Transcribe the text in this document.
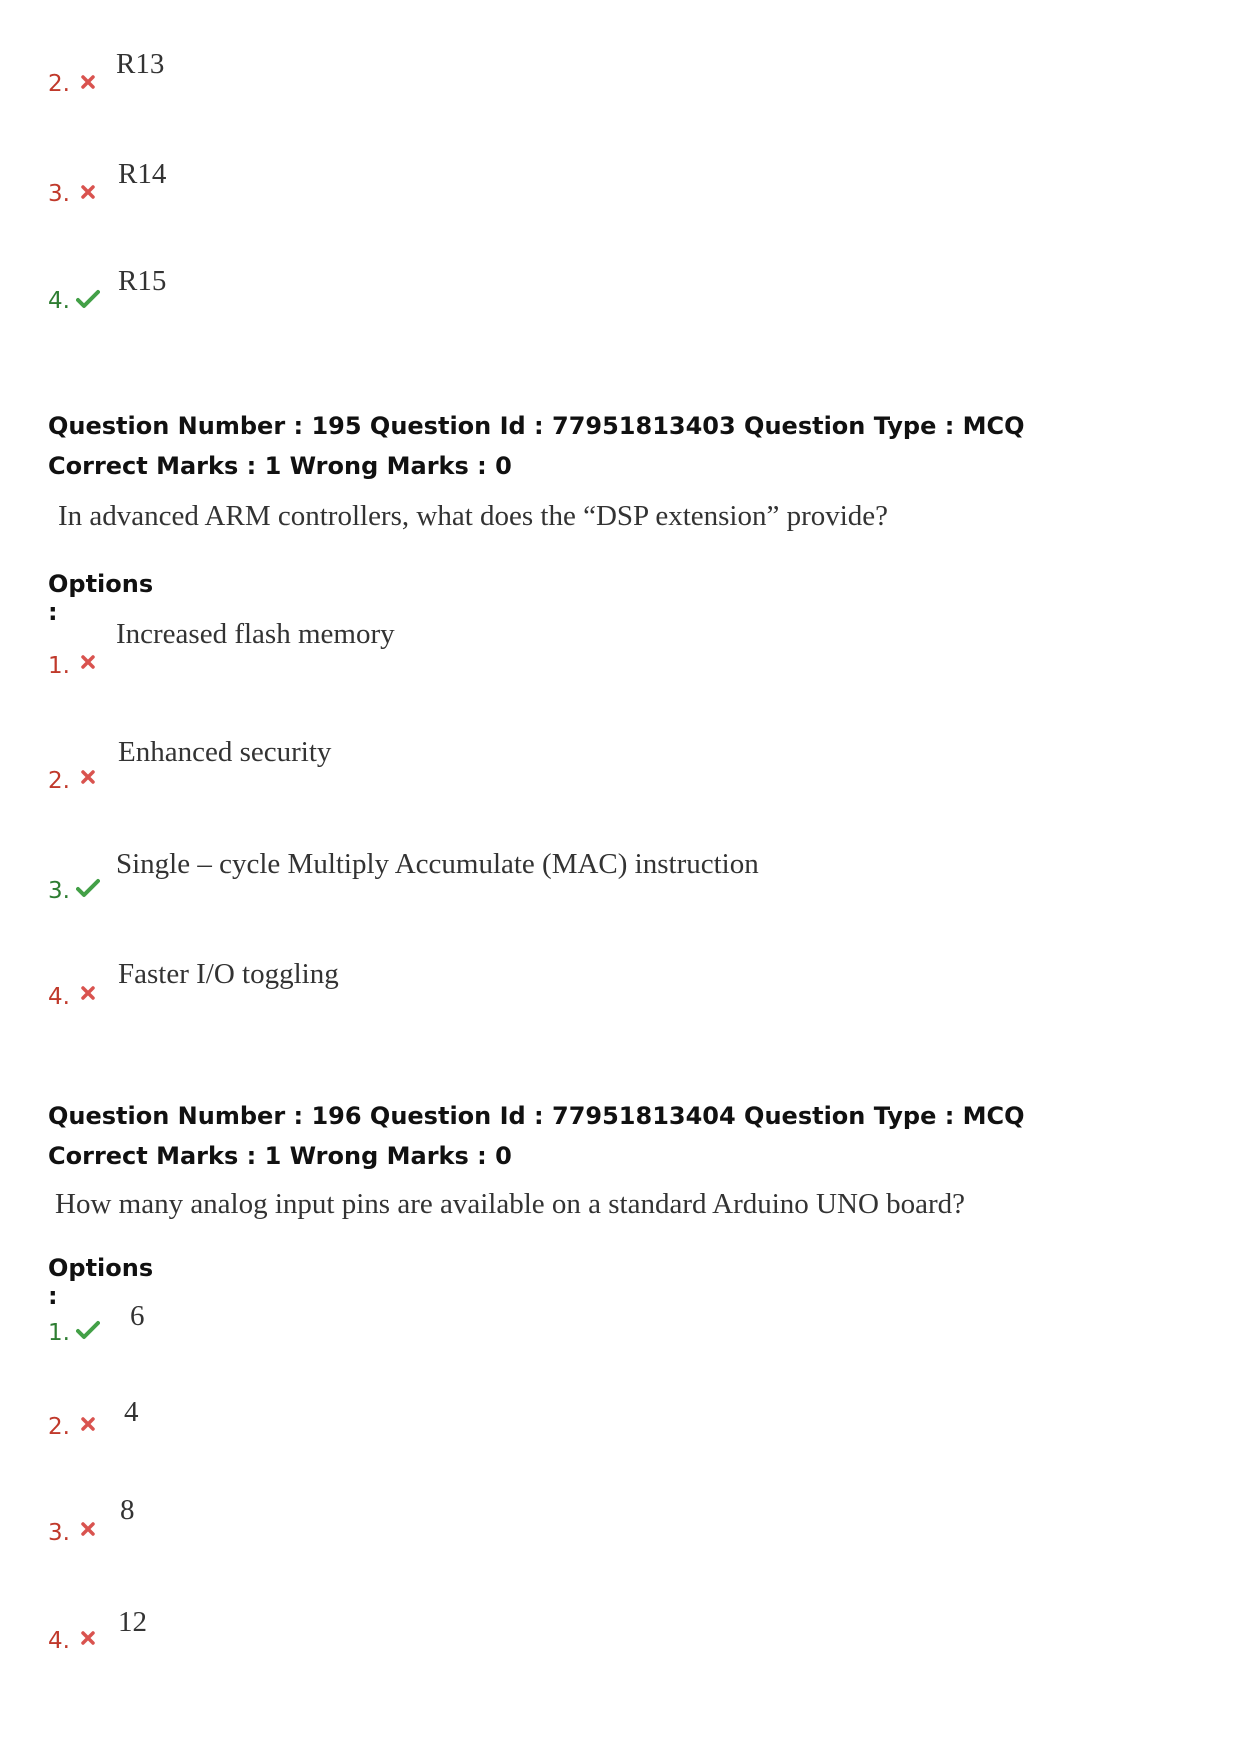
2.
R13
3.
R14
4.
R15
Question Number : 195 Question Id : 77951813403 Question Type : MCQ
Correct Marks : 1 Wrong Marks : 0
In advanced ARM controllers, what does the “DSP extension” provide?
Options :
1.
Increased flash memory
2.
Enhanced security
3.
Single – cycle Multiply Accumulate (MAC) instruction
4.
Faster I/O toggling
Question Number : 196 Question Id : 77951813404 Question Type : MCQ
Correct Marks : 1 Wrong Marks : 0
How many analog input pins are available on a standard Arduino UNO board?
Options :
1.
6
2. 4
3.
8
4.
12
